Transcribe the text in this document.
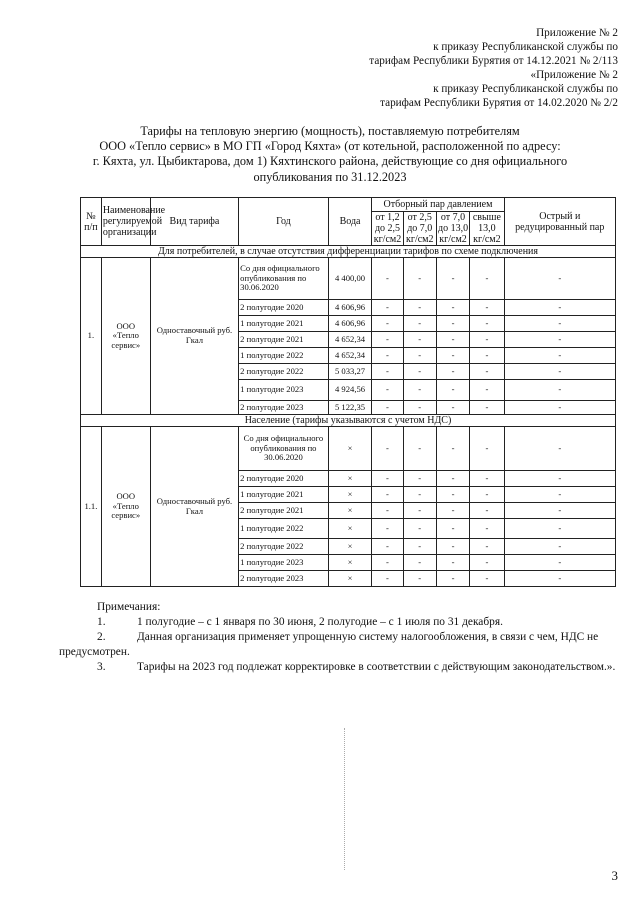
Приложение № 2
к приказу Республиканской службы по
тарифам Республики Бурятия от 14.12.2021 № 2/113
«Приложение № 2
к приказу Республиканской службы по
тарифам Республики Бурятия от 14.02.2020 № 2/2
Тарифы на тепловую энергию (мощность), поставляемую потребителям
ООО «Тепло сервис» в МО ГП «Город Кяхта» (от котельной, расположенной по адресу:
г. Кяхта, ул. Цыбиктарова, дом 1) Кяхтинского района, действующие со дня официального
опубликования по 31.12.2023
№ п/п	Наименование регулируемой организации	Вид тарифа	Год	Вода	Отборный пар давлением				Острый и редуцированный пар
					от 1,2 до 2,5 кг/см2	от 2,5 до 7,0 кг/см2	от 7,0 до 13,0 кг/см2	свыше 13,0 кг/см2	
Для потребителей, в случае отсутствия дифференциации тарифов по схеме подключения									
1.	ООО «Тепло сервис»	Одноставочный руб. Гкал	Со дня официального опубликования по 30.06.2020	4 400,00	-	-	-	-	-
			2 полугодие 2020	4 606,96	-	-	-	-	-
			1 полугодие 2021	4 606,96	-	-	-	-	-
			2 полугодие 2021	4 652,34	-	-	-	-	-
			1 полугодие 2022	4 652,34	-	-	-	-	-
			2 полугодие 2022	5 033,27	-	-	-	-	-
			1 полугодие 2023	4 924,56	-	-	-	-	-
			2 полугодие 2023	5 122,35	-	-	-	-	-
Население (тарифы указываются с учетом НДС)									
1.1.	ООО «Тепло сервис»	Одноставочный руб. Гкал	Со дня официального опубликования по 30.06.2020	×	-	-	-	-	-
			2 полугодие 2020	×	-	-	-	-	-
			1 полугодие 2021	×	-	-	-	-	-
			2 полугодие 2021	×	-	-	-	-	-
			1 полугодие 2022	×	-	-	-	-	-
			2 полугодие 2022	×	-	-	-	-	-
			1 полугодие 2023	×	-	-	-	-	-
			2 полугодие 2023	×	-	-	-	-	-

Примечания:

1.	1 полугодие – с 1 января по 30 июня, 2 полугодие – с 1 июля по 31 декабря.

2.	Данная организация применяет упрощенную систему налогообложения, в связи с чем, НДС не предусмотрен.

3.	Тарифы на 2023 год подлежат корректировке в соответствии с действующим законодательством.».

3
